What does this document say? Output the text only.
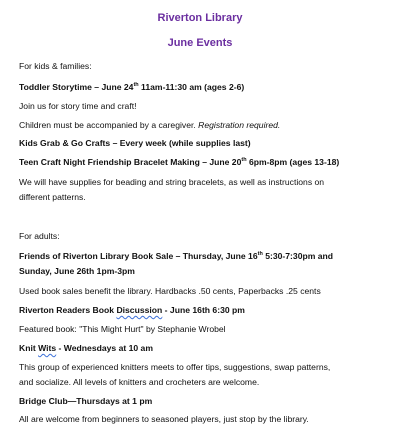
Riverton Library
June Events
For kids & families:
Toddler Storytime – June 24th 11am-11:30 am (ages 2-6)
Join us for story time and craft!
Children must be accompanied by a caregiver. Registration required.
Kids Grab & Go Crafts – Every week (while supplies last)
Teen Craft Night Friendship Bracelet Making – June 20th 6pm-8pm (ages 13-18)
We will have supplies for beading and string bracelets, as well as instructions on
different patterns.
For adults:
Friends of Riverton Library Book Sale – Thursday, June 16th 5:30-7:30pm and
Sunday, June 26th 1pm-3pm
Used book sales benefit the library. Hardbacks .50 cents, Paperbacks .25 cents
Riverton Readers Book Discussion - June 16th 6:30 pm
Featured book: "This Might Hurt" by Stephanie Wrobel
Knit Wits - Wednesdays at 10 am
This group of experienced knitters meets to offer tips, suggestions, swap patterns,
and socialize. All levels of knitters and crocheters are welcome.
Bridge Club—Thursdays at 1 pm
All are welcome from beginners to seasoned players, just stop by the library.
